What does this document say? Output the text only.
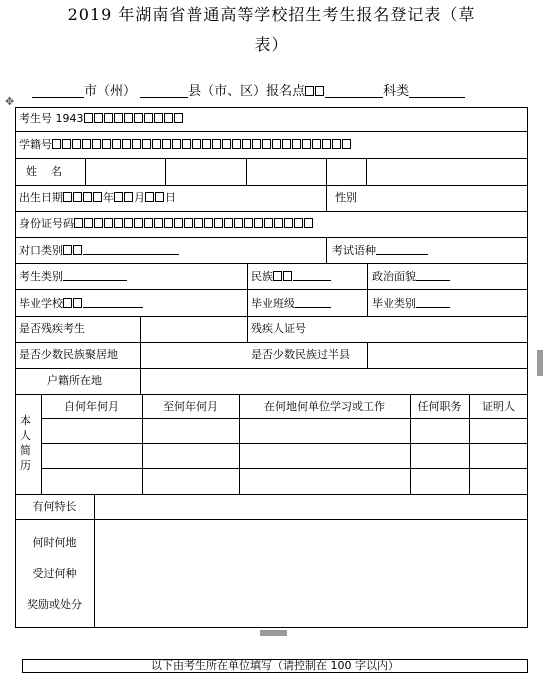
2019 年湖南省普通高等学校招生考生报名登记表（草
表）
市（州）	县（市、区）报名点	科类
✥
考生号 1943
学籍号
姓    名
出生日期	年 月 日	性别
身份证号码
对口类别	考试语种
考生类别	民族	政治面貌
毕业学校	毕业班级	毕业类别
是否残疾考生	残疾人证号
是否少数民族聚居地	是否少数民族过半县
户籍所在地
本人简历
自何年何月	至何年何月	在何地何单位学习或工作	任何职务	证明人
有何特长
何时何地
受过何种
奖励或处分
以下由考生所在单位填写（请控制在 100 字以内）
